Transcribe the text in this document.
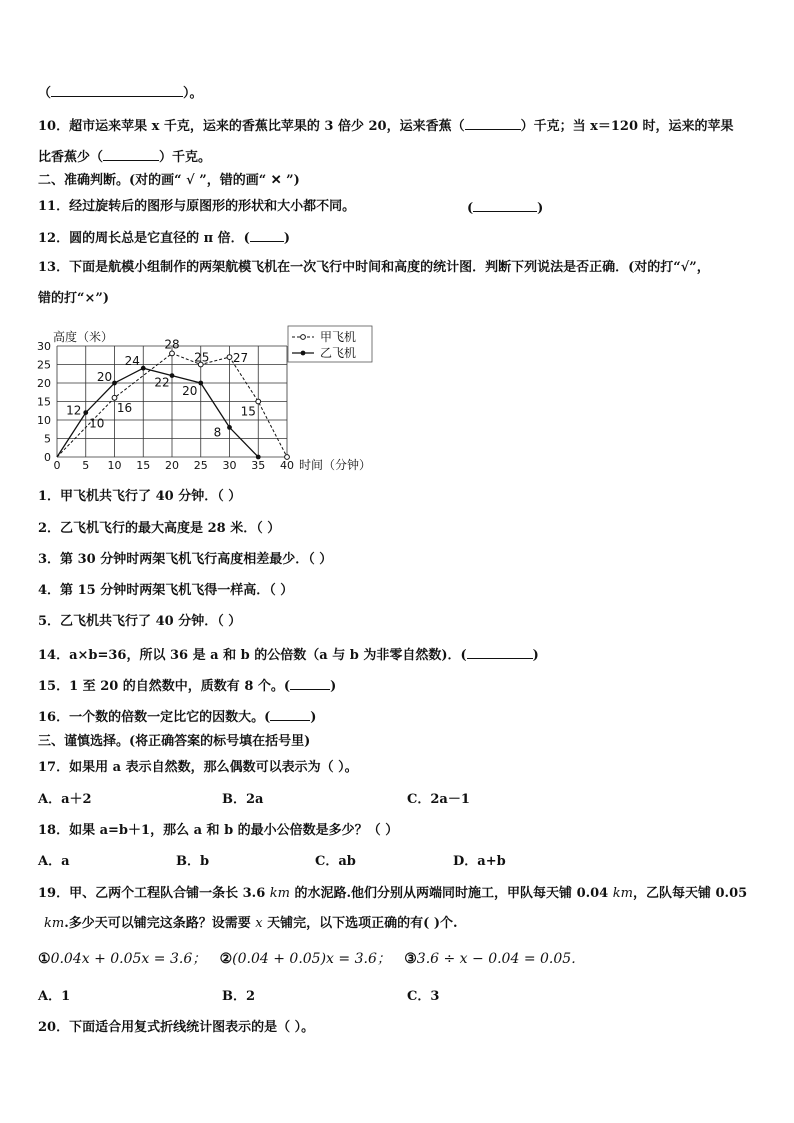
（	）。
10．超市运来苹果 x 千克，运来的香蕉比苹果的 3 倍少 20，运来香蕉（	）千克；当 x＝120 时，运来的苹果
比香蕉少（	）千克。
二、准确判断。(对的画“ √ ”，错的画“ ✕ ”)
11．经过旋转后的图形与原图形的形状和大小都不同。	(	)
12．圆的周长总是它直径的 π 倍．(	)
13．下面是航模小组制作的两架航模飞机在一次飞行中时间和高度的统计图．判断下列说法是否正确．(对的打“√”，
错的打“×”)
0 5 10 15 20 25 30 35 40
0
5
10
15
20
25
30
高度（米）
时间（分钟）
16
28
25 27
15
12
20
24
22
20
8
10
甲飞机
乙飞机
1．甲飞机共飞行了 40 分钟．（ ）
2．乙飞机飞行的最大高度是 28 米．（ ）
3．第 30 分钟时两架飞机飞行高度相差最少．（ ）
4．第 15 分钟时两架飞机飞得一样高．（ ）
5．乙飞机共飞行了 40 分钟．（ ）
14．a×b=36，所以 36 是 a 和 b 的公倍数（a 与 b 为非零自然数)．(	)
15．1 至 20 的自然数中，质数有 8 个。(	)
16．一个数的倍数一定比它的因数大。(	)
三、谨慎选择。(将正确答案的标号填在括号里)
17．如果用 a 表示自然数，那么偶数可以表示为（ ）。
A．a＋2	B．2a	C．2a－1
18．如果 a=b＋1，那么 a 和 b 的最小公倍数是多少？（ ）
A．a	B．b	C．ab	D．a+b
19．甲、乙两个工程队合铺一条长 3.6 km 的水泥路.他们分别从两端同时施工，甲队每天铺 0.04 km，乙队每天铺 0.05
km.多少天可以铺完这条路？设需要 x 天铺完，以下选项正确的有( )个.
①0.04x + 0.05x = 3.6； ②(0.04 + 0.05)x = 3.6； ③3.6 ÷ x − 0.04 = 0.05．
A．1	B．2	C．3
20．下面适合用复式折线统计图表示的是（ ）。
